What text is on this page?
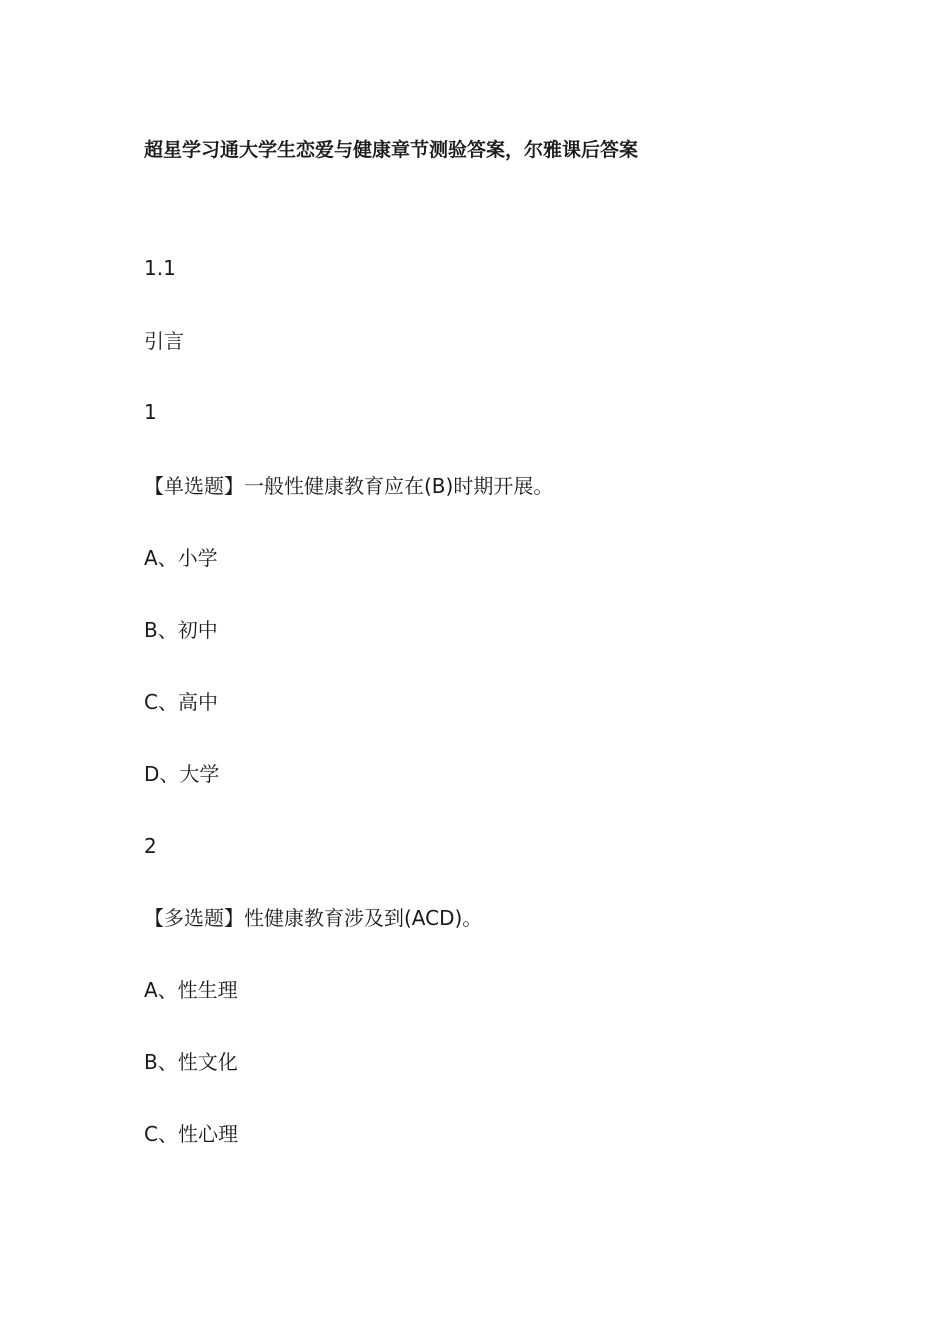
超星学习通大学生恋爱与健康章节测验答案，尔雅课后答案
1.1
引言
1
【单选题】一般性健康教育应在(B)时期开展。
A、小学
B、初中
C、高中
D、大学
2
【多选题】性健康教育涉及到(ACD)。
A、性生理
B、性文化
C、性心理
